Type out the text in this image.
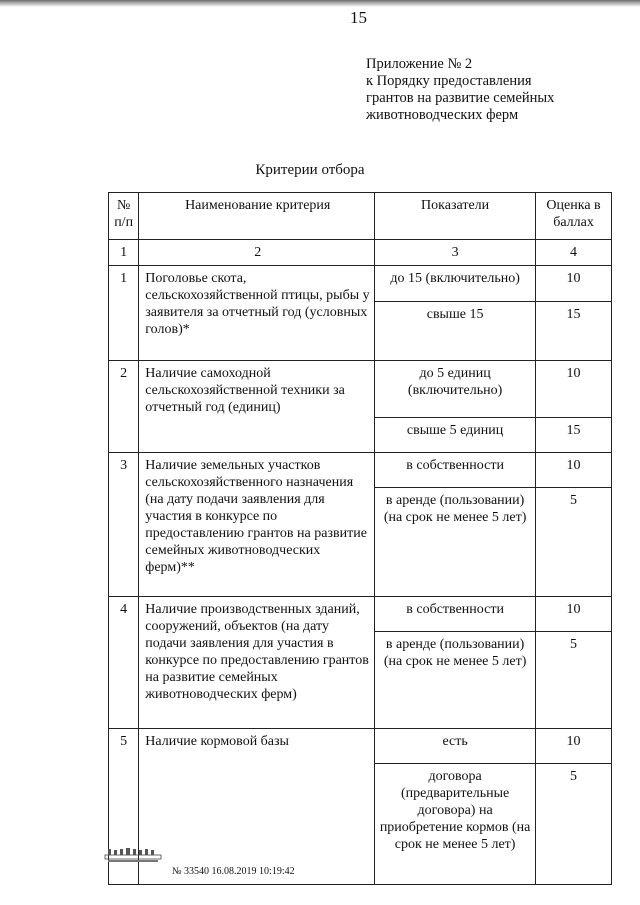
15
Приложение № 2
к Порядку предоставления
грантов на развитие семейных
животноводческих ферм
Критерии отбора
№ п/п	Наименование критерия	Показатели	Оценка в баллах
1	2	3	4
1	Поголовье скота, сельскохозяйственной птицы, рыбы у заявителя за отчетный год (условных голов)*	до 15 (включительно)	10
		свыше 15	15
2	Наличие самоходной сельскохозяйственной техники за отчетный год (единиц)	до 5 единиц (включительно)	10
		свыше 5 единиц	15
3	Наличие земельных участков сельскохозяйственного назначения (на дату подачи заявления для участия в конкурсе по предоставлению грантов на развитие семейных животноводческих ферм)**	в собственности	10
		в аренде (пользовании) (на срок не менее 5 лет)	5
4	Наличие производственных зданий, сооружений, объектов (на дату подачи заявления для участия в конкурсе по предоставлению грантов на развитие семейных животноводческих ферм)	в собственности	10
		в аренде (пользовании) (на срок не менее 5 лет)	5
5	Наличие кормовой базы	есть	10
		договора (предварительные договора) на приобретение кормов (на срок не менее 5 лет)	5
№ 33540 16.08.2019 10:19:42
